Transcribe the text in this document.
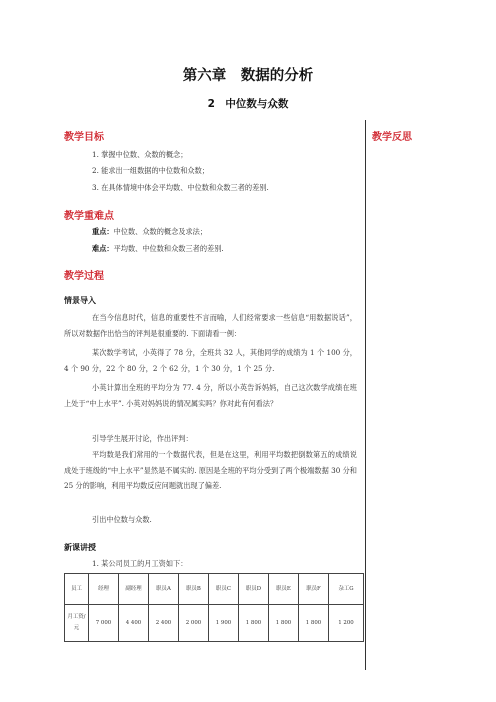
第六章　数据的分析
2　中位数与众数
教学反思
教学目标
1. 掌握中位数、众数的概念；
2. 能求出一组数据的中位数和众数；
3. 在具体情境中体会平均数、中位数和众数三者的差别.
教学重难点
重点：中位数、众数的概念及求法；
难点：平均数、中位数和众数三者的差别.
教学过程
情景导入
在当今信息时代，信息的重要性不言而喻，人们经常要求一些信息“用数据说话”，所以对数据作出恰当的评判是很重要的. 下面请看一例：
某次数学考试，小英得了 78 分，全班共 32 人，其他同学的成绩为 1 个 100 分，4 个 90 分，22 个 80 分，2 个 62 分，1 个 30 分，1 个 25 分.
小英计算出全班的平均分为 77. 4 分，所以小英告诉妈妈，自己这次数学成绩在班上处于“中上水平”. 小英对妈妈说的情况属实吗？你对此有何看法？
引导学生展开讨论，作出评判：
平均数是我们常用的一个数据代表，但是在这里，利用平均数把倒数第五的成绩说成处于班级的“中上水平”显然是不属实的. 原因是全班的平均分受到了两个极端数据 30 分和 25 分的影响，利用平均数反应问题就出现了偏差.
引出中位数与众数.
新课讲授
1. 某公司员工的月工资如下：
员工	经理	副经理	职员A	职员B	职员C	职员D	职员E	职员F	杂工G
月工资/元	7 000	4 400	2 400	2 000	1 900	1 800	1 800	1 800	1 200
